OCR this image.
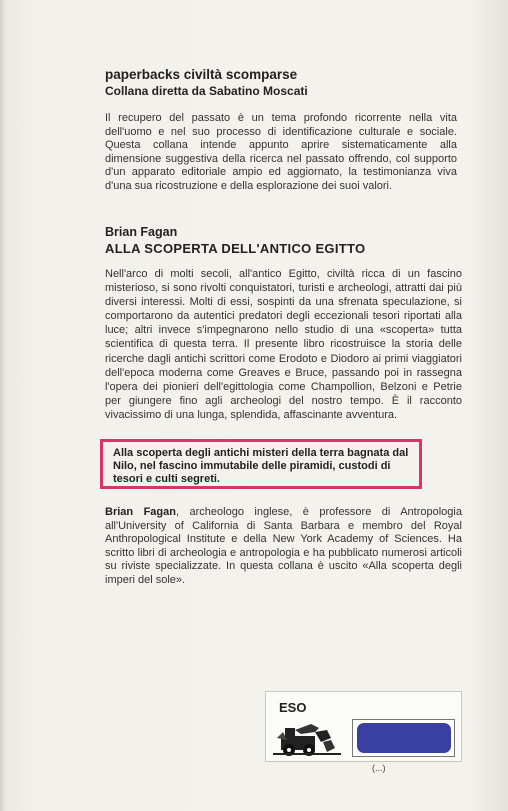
paperbacks civiltà scomparse
Collana diretta da Sabatino Moscati

Il recupero del passato è un tema profondo ricorrente nella vita dell'uomo e nel suo processo di identificazione culturale e sociale. Questa collana intende appunto aprire sistematicamente alla dimensione suggestiva della ricerca nel passato offrendo, col supporto d'un apparato editoriale ampio ed aggiornato, la testimonianza viva d'una sua ricostruzione e della esplorazione dei suoi valori.

Brian Fagan
ALLA SCOPERTA DELL'ANTICO EGITTO

Nell'arco di molti secoli, all'antico Egitto, civiltà ricca di un fascino misterioso, si sono rivolti conquistatori, turisti e archeologi, attratti dai più diversi interessi. Molti di essi, sospinti da una sfrenata speculazione, si comportarono da autentici predatori degli eccezionali tesori riportati alla luce; altri invece s'impegnarono nello studio di una «scoperta» tutta scientifica di questa terra. Il presente libro ricostruisce la storia delle ricerche dagli antichi scrittori come Erodoto e Diodoro ai primi viaggiatori dell'epoca moderna come Greaves e Bruce, passando poi in rassegna l'opera dei pionieri dell'egittologia come Champollion, Belzoni e Petrie per giungere fino agli archeologi del nostro tempo. È il racconto vivacissimo di una lunga, splendida, affascinante avventura.

Alla scoperta degli antichi misteri della terra bagnata dal Nilo, nel fascino immutabile delle piramidi, custodi di tesori e culti segreti.

Brian Fagan, archeologo inglese, è professore di Antropologia all'University of California di Santa Barbara e membro del Royal Anthropological Institute e della New York Academy of Sciences. Ha scritto libri di archeologia e antropologia e ha pubblicato numerosi articoli su riviste specializzate. In questa collana è uscito «Alla scoperta degli imperi del sole».

ESO
(...)
